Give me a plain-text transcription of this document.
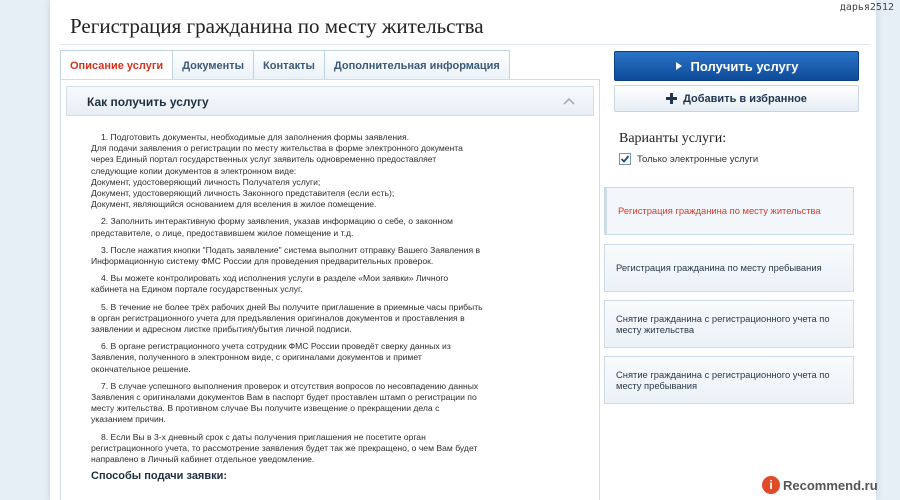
дарья2512
Регистрация гражданина по месту жительства
Описание услуги	Документы	Контакты	Дополнительная информация
Как получить услугу

1. Подготовить документы, необходимые для заполнения формы заявления.
Для подачи заявления о регистрации по месту жительства в форме электронного документа
через Единый портал государственных услуг заявитель одновременно предоставляет
следующие копии документов в электронном виде:
Документ, удостоверяющий личность Получателя услуги;
Документ, удостоверяющий личность Законного представителя (если есть);
Документ, являющийся основанием для вселения в жилое помещение.

2. Заполнить интерактивную форму заявления, указав информацию о себе, о законном
представителе, о лице, предоставившем жилое помещение и т.д.

3. После нажатия кнопки "Подать заявление" система выполнит отправку Вашего Заявления в
Информационную систему ФМС России для проведения предварительных проверок.

4. Вы можете контролировать ход исполнения услуги в разделе «Мои заявки» Личного
кабинета на Едином портале государственных услуг.

5. В течение не более трёх рабочих дней Вы получите приглашение в приемные часы прибыть
в орган регистрационного учета для предъявления оригиналов документов и проставления в
заявлении и адресном листке прибытия/убытия личной подписи.

6. В органе регистрационного учета сотрудник ФМС России проведёт сверку данных из
Заявления, полученного в электронном виде, с оригиналами документов и примет
окончательное решение.

7. В случае успешного выполнения проверок и отсутствия вопросов по несовпадению данных
Заявления с оригиналами документов Вам в паспорт будет проставлен штамп о регистрации по
месту жительства. В противном случае Вы получите извещение о прекращении дела с
указанием причин.

8. Если Вы в 3-х дневный срок с даты получения приглашения не посетите орган
регистрационного учета, то рассмотрение заявления будет так же прекращено, о чем Вам будет
направлено в Личный кабинет отдельное уведомление.

Способы подачи заявки:
Получить услугу
Добавить в избранное
Варианты услуги:
Только электронные услуги
Регистрация гражданина по месту жительства
Регистрация гражданина по месту пребывания
Снятие гражданина с регистрационного учета по месту жительства
Снятие гражданина с регистрационного учета по месту пребывания
i Recommend.ru
